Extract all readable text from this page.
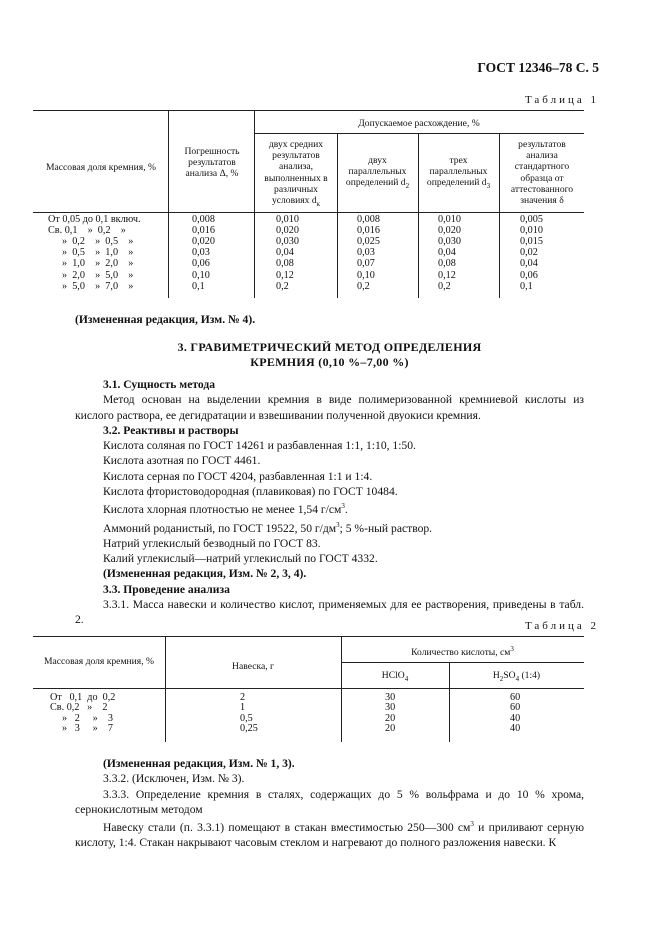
ГОСТ 12346–78 С. 5
Таблица 1
Массовая доля кремния, %
Погрешность результатов анализа Δ, %
Допускаемое расхождение, %
двух средних результатов анализа, выполненных в различных условиях $d_к$
двух параллельных определений $d_2$
трех параллельных определений $d_3$
результатов анализа стандартного образца от аттестованного значения δ
От 0,05 до 0,1 включ.	0,008	0,010	0,008	0,010	0,005
Св. 0,1    »  0,2    »	0,016	0,020	0,016	0,020	0,010
»  0,2    »  0,5    »	0,020	0,030	0,025	0,030	0,015
»  0,5    »  1,0    »	0,03	0,04	0,03	0,04	0,02
»  1,0    »  2,0    »	0,06	0,08	0,07	0,08	0,04
»  2,0    »  5,0    »	0,10	0,12	0,10	0,12	0,06
»  5,0    »  7,0    »	0,1	0,2	0,2	0,2	0,1
(Измененная редакция, Изм. № 4).
3. ГРАВИМЕТРИЧЕСКИЙ МЕТОД ОПРЕДЕЛЕНИЯ
КРЕМНИЯ (0,10 %–7,00 %)
3.1. Сущность метода
Метод основан на выделении кремния в виде полимеризованной кремниевой кислоты из кислого раствора, ее дегидратации и взвешивании полученной двуокиси кремния.
3.2. Реактивы и растворы
Кислота соляная по ГОСТ 14261 и разбавленная 1:1, 1:10, 1:50.
Кислота азотная по ГОСТ 4461.
Кислота серная по ГОСТ 4204, разбавленная 1:1 и 1:4.
Кислота фтористоводородная (плавиковая) по ГОСТ 10484.
Кислота хлорная плотностью не менее 1,54 $г/см^3$.
Аммоний роданистый, по ГОСТ 19522, 50 $г/дм^3$; 5 %-ный раствор.
Натрий углекислый безводный по ГОСТ 83.
Калий углекислый—натрий углекислый по ГОСТ 4332.
(Измененная редакция, Изм. № 2, 3, 4).
3.3. Проведение анализа
3.3.1. Масса навески и количество кислот, применяемых для ее растворения, приведены в табл. 2.	Таблица 2
Массовая доля кремния, %	Навеска, г
Количество кислоты, $см^3$
HClO$_4$	$H_2SO_4$ (1:4)
От   0,1  до  0,2	2	30	60
Св. 0,2   »    2	1	30	60
»   2     »    3	0,5	20	40
»   3     »    7	0,25	20	40
(Измененная редакция, Изм. № 1, 3).
3.3.2. (Исключен, Изм. № 3).
3.3.3. Определение кремния в сталях, содержащих до 5 % вольфрама и до 10 % хрома, сернокислотным методом
Навеску стали (п. 3.3.1) помещают в стакан вместимостью 250—300 $см^3$ и приливают серную кислоту, 1:4. Стакан накрывают часовым стеклом и нагревают до полного разложения навески. К
